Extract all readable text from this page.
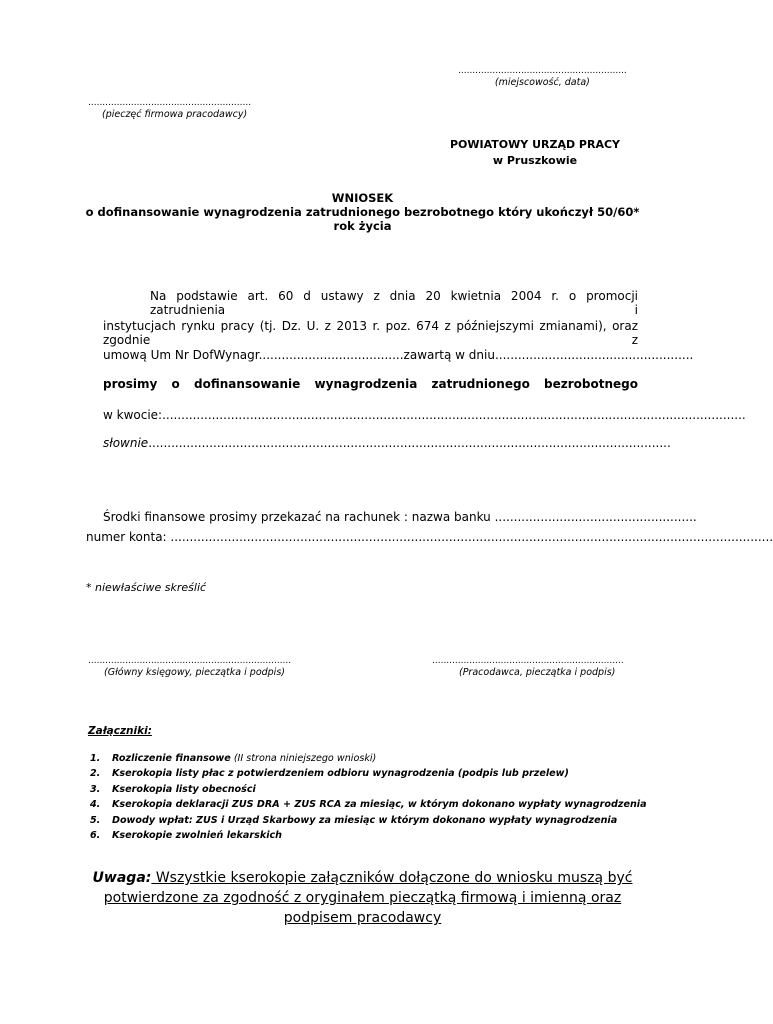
...........................................................
(miejscowość, data)
.........................................................
(pieczęć firmowa pracodawcy)
POWIATOWY URZĄD PRACY
w Pruszkowie
WNIOSEK
o dofinansowanie wynagrodzenia zatrudnionego bezrobotnego który ukończył 50/60*
rok życia
Na podstawie art. 60 d ustawy z dnia 20 kwietnia 2004 r. o promocji zatrudnienia i
instytucjach rynku pracy (tj. Dz. U. z 2013 r. poz. 674 z późniejszymi zmianami), oraz zgodnie z
umową Um Nr DofWynagr......................................zawartą w dniu....................................................
prosimy o dofinansowanie wynagrodzenia zatrudnionego bezrobotnego
w kwocie:.........................................................................................................................................................
słownie.........................................................................................................................................
Środki finansowe prosimy przekazać na rachunek : nazwa banku .....................................................
numer konta: ..............................................................................................................................................................
* niewłaściwe skreślić
.......................................................................
(Główny księgowy, pieczątka i podpis)
...................................................................
(Pracodawca, pieczątka i podpis)
Załączniki:
1. Rozliczenie finansowe (II strona niniejszego wnioski)
2. Kserokopia listy płac z potwierdzeniem odbioru wynagrodzenia (podpis lub przelew)
3. Kserokopia listy obecności
4. Kserokopia deklaracji ZUS DRA + ZUS RCA za miesiąc, w którym dokonano wypłaty wynagrodzenia
5. Dowody wpłat: ZUS i Urząd Skarbowy za miesiąc w którym dokonano wypłaty wynagrodzenia
6. Kserokopie zwolnień lekarskich
Uwaga: Wszystkie kserokopie załączników dołączone do wniosku muszą być potwierdzone za zgodność z oryginałem pieczątką firmową i imienną oraz podpisem pracodawcy
